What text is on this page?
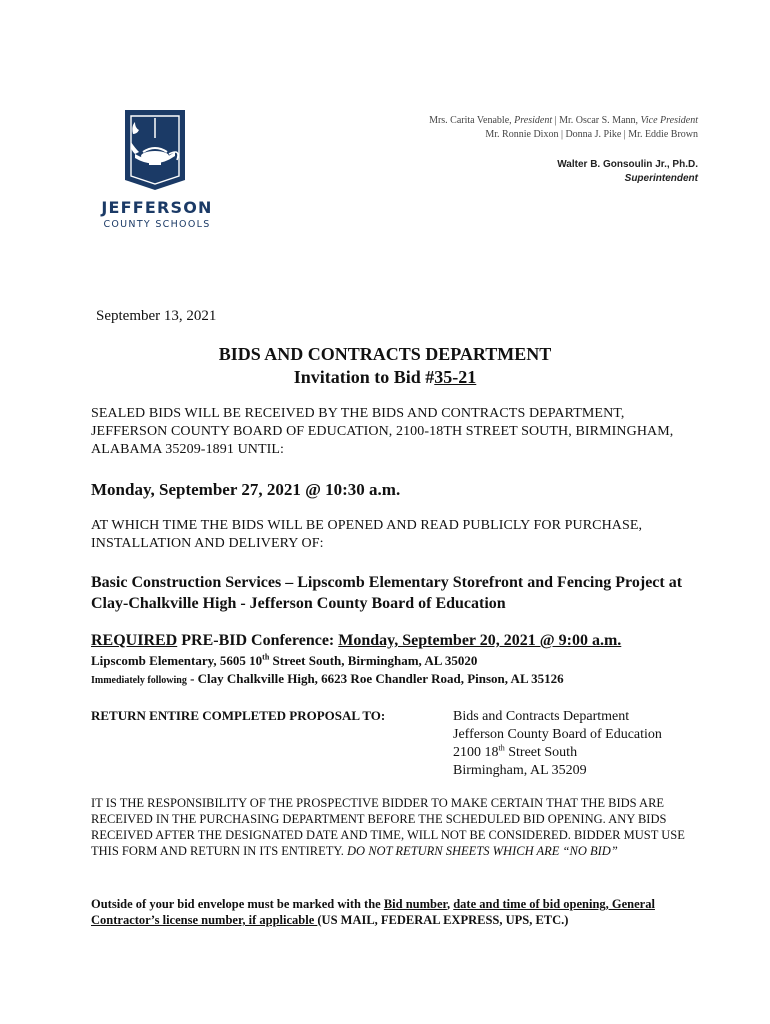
JEFFERSON
COUNTY SCHOOLS
Mrs. Carita Venable, President | Mr. Oscar S. Mann, Vice President
Mr. Ronnie Dixon | Donna J. Pike | Mr. Eddie Brown
Walter B. Gonsoulin Jr., Ph.D.
Superintendent
September 13, 2021
BIDS AND CONTRACTS DEPARTMENT
Invitation to Bid #35-21
SEALED BIDS WILL BE RECEIVED BY THE BIDS AND CONTRACTS DEPARTMENT, JEFFERSON COUNTY BOARD OF EDUCATION, 2100-18TH STREET SOUTH, BIRMINGHAM, ALABAMA 35209-1891 UNTIL:
Monday, September 27, 2021 @ 10:30 a.m.
AT WHICH TIME THE BIDS WILL BE OPENED AND READ PUBLICLY FOR PURCHASE, INSTALLATION AND DELIVERY OF:
Basic Construction Services – Lipscomb Elementary Storefront and Fencing Project at Clay-Chalkville High - Jefferson County Board of Education
REQUIRED PRE-BID Conference: Monday, September 20, 2021 @ 9:00 a.m.
Lipscomb Elementary, 5605 10th Street South, Birmingham, AL 35020
Immediately following - Clay Chalkville High, 6623 Roe Chandler Road, Pinson, AL 35126
RETURN ENTIRE COMPLETED PROPOSAL TO:	Bids and Contracts Department
Jefferson County Board of Education
2100 18th Street South
Birmingham, AL 35209
IT IS THE RESPONSIBILITY OF THE PROSPECTIVE BIDDER TO MAKE CERTAIN THAT THE BIDS ARE RECEIVED IN THE PURCHASING DEPARTMENT BEFORE THE SCHEDULED BID OPENING. ANY BIDS RECEIVED AFTER THE DESIGNATED DATE AND TIME, WILL NOT BE CONSIDERED. BIDDER MUST USE THIS FORM AND RETURN IN ITS ENTIRETY. DO NOT RETURN SHEETS WHICH ARE “NO BID”
Outside of your bid envelope must be marked with the Bid number, date and time of bid opening, General Contractor’s license number, if applicable (US MAIL, FEDERAL EXPRESS, UPS, ETC.)
